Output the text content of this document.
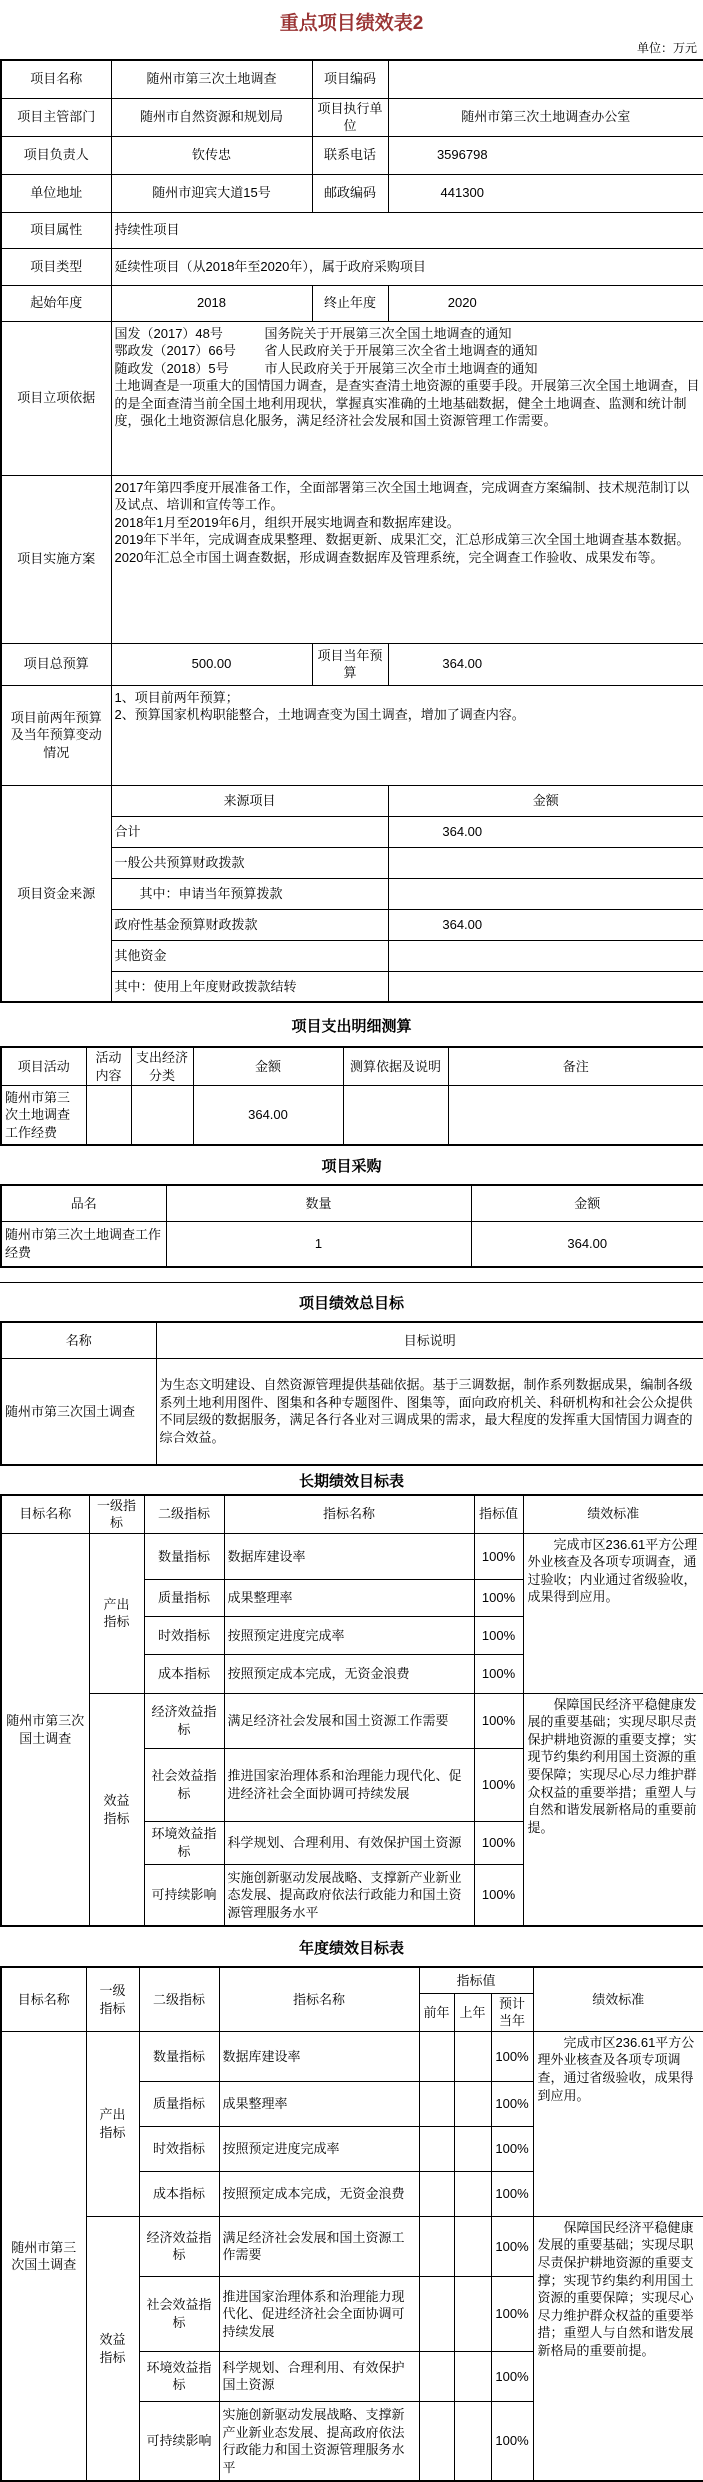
重点项目绩效表2
单位：万元
项目名称	随州市第三次土地调查	项目编码	
项目主管部门	随州市自然资源和规划局	项目执行单位	随州市第三次土地调查办公室
项目负责人	钦传忠	联系电话	3596798
单位地址	随州市迎宾大道15号	邮政编码	441300
项目属性	持续性项目		
项目类型	延续性项目（从2018年至2020年），属于政府采购项目		
起始年度	2018	终止年度	2020
项目立项依据	
国发（2017）48号	国务院关于开展第三次全国土地调查的通知
鄂政发（2017）66号	省人民政府关于开展第三次全省土地调查的通知
随政发（2018）5号	市人民政府关于开展第三次全市土地调查的通知
土地调查是一项重大的国情国力调查，是查实查清土地资源的重要手段。开展第三次全国土地调查，目的是全面查清当前全国土地利用现状，掌握真实准确的土地基础数据，健全土地调查、监测和统计制度，强化土地资源信息化服务，满足经济社会发展和国土资源管理工作需要。

项目实施方案	2017年第四季度开展准备工作，全面部署第三次全国土地调查，完成调查方案编制、技术规范制订以及试点、培训和宣传等工作。
2018年1月至2019年6月，组织开展实地调查和数据库建设。
2019年下半年，完成调查成果整理、数据更新、成果汇交，汇总形成第三次全国土地调查基本数据。
2020年汇总全市国土调查数据，形成调查数据库及管理系统，完全调查工作验收、成果发布等。		

项目总预算	500.00	项目当年预算	364.00
项目前两年预算及当年预算变动情况	1、项目前两年预算；
2、预算国家机构职能整合，土地调查变为国土调查，增加了调查内容。		

项目资金来源	来源项目		金额
	合计		364.00
	一般公共预算财政拨款		
	其中：申请当年预算拨款		
	政府性基金预算财政拨款		364.00
	其他资金		
	其中：使用上年度财政拨款结转		
项目支出明细测算
项目活动	活动内容	支出经济分类	金额	测算依据及说明	备注
随州市第三次土地调查工作经费			364.00		
项目采购
品名	数量	金额
随州市第三次土地调查工作经费	1	364.00
项目绩效总目标
名称	目标说明
随州市第三次国土调查	为生态文明建设、自然资源管理提供基础依据。基于三调数据，制作系列数据成果，编制各级系列土地利用图件、图集和各种专题图件、图集等，面向政府机关、科研机构和社会公众提供不同层级的数据服务，满足各行各业对三调成果的需求，最大程度的发挥重大国情国力调查的综合效益。
长期绩效目标表
目标名称	一级指标	二级指标	指标名称	指标值	绩效标准
随州市第三次国土调查	产出指标	数量指标	数据库建设率	100%	完成市区236.61平方公理外业核查及各项专项调查，通过验收；内业通过省级验收，成果得到应用。
		质量指标	成果整理率	100%	
		时效指标	按照预定进度完成率	100%	
		成本指标	按照预定成本完成，无资金浪费	100%	
	效益指标	经济效益指标	满足经济社会发展和国土资源工作需要	100%	保障国民经济平稳健康发展的重要基础；实现尽职尽责保护耕地资源的重要支撑；实现节约集约利用国土资源的重要保障；实现尽心尽力维护群众权益的重要举措；重塑人与自然和谐发展新格局的重要前提。
		社会效益指标	推进国家治理体系和治理能力现代化、促进经济社会全面协调可持续发展	100%	
		环境效益指标	科学规划、合理利用、有效保护国土资源	100%	
		可持续影响	实施创新驱动发展战略、支撑新产业新业态发展、提高政府依法行政能力和国土资源管理服务水平	100%	
年度绩效目标表
目标名称	一级指标	二级指标	指标名称	指标值			绩效标准
				前年	上年	预计当年	
随州市第三次国土调查	产出指标	数量指标	数据库建设率			100%	完成市区236.61平方公理外业核查及各项专项调查，通过省级验收，成果得到应用。
		质量指标	成果整理率			100%	
		时效指标	按照预定进度完成率			100%	
		成本指标	按照预定成本完成，无资金浪费			100%	
	效益指标	经济效益指标	满足经济社会发展和国土资源工作需要			100%	保障国民经济平稳健康发展的重要基础；实现尽职尽责保护耕地资源的重要支撑；实现节约集约利用国土资源的重要保障；实现尽心尽力维护群众权益的重要举措；重塑人与自然和谐发展新格局的重要前提。
		社会效益指标	推进国家治理体系和治理能力现代化、促进经济社会全面协调可持续发展			100%	
		环境效益指标	科学规划、合理利用、有效保护国土资源			100%	
		可持续影响	实施创新驱动发展战略、支撑新产业新业态发展、提高政府依法行政能力和国土资源管理服务水平			100%	
